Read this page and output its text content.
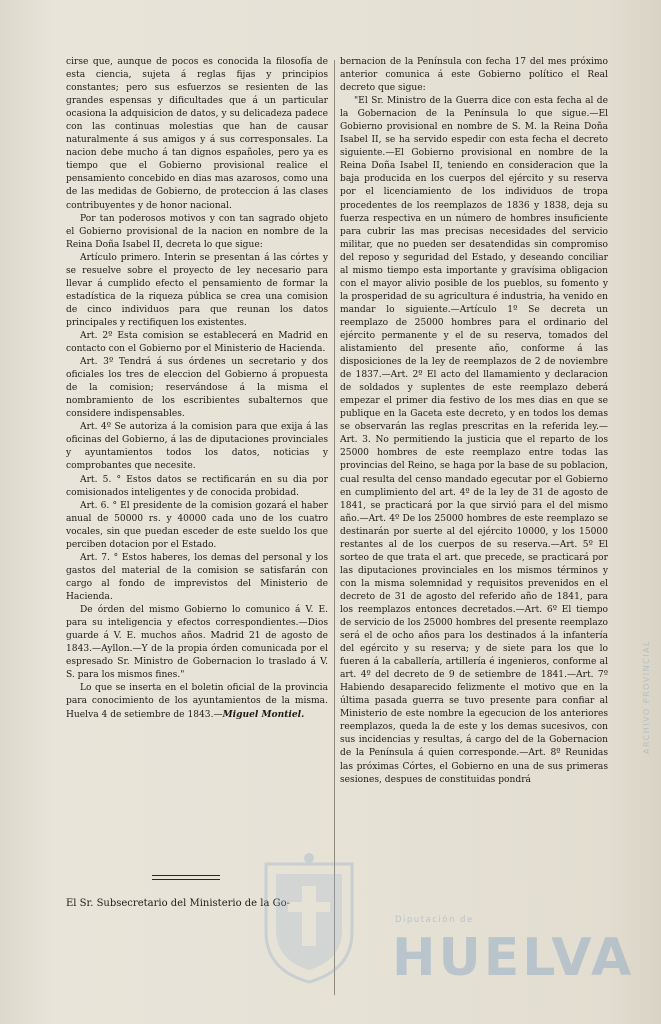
cirse que, aunque de pocos es conocida la filosofía de esta ciencia, sujeta á reglas fijas y principios constantes; pero sus esfuerzos se resienten de las grandes espensas y dificultades que á un particular ocasiona la adquisicion de datos, y su delicadeza padece con las continuas molestias que han de causar naturalmente á sus amigos y á sus corresponsales. La nacion debe mucho á tan dignos españoles, pero ya es tiempo que el Gobierno provisional realice el pensamiento concebido en dias mas azarosos, como una de las medidas de Gobierno, de proteccion á las clases contribuyentes y de honor nacional.

Por tan poderosos motivos y con tan sagrado objeto el Gobierno provisional de la nacion en nombre de la Reina Doña Isabel II, decreta lo que sigue:

Artículo primero. Interin se presentan á las córtes y se resuelve sobre el proyecto de ley necesario para llevar á cumplido efecto el pensamiento de formar la estadística de la riqueza pública se crea una comision de cinco individuos para que reunan los datos principales y rectifiquen los existentes.

Art. 2º Esta comision se establecerá en Madrid en contacto con el Gobierno por el Ministerio de Hacienda.

Art. 3º Tendrá á sus órdenes un secretario y dos oficiales los tres de eleccion del Gobierno á propuesta de la comision; reservándose á la misma el nombramiento de los escribientes subalternos que considere indispensables.

Art. 4º Se autoriza á la comision para que exija á las oficinas del Gobierno, á las de diputaciones provinciales y ayuntamientos todos los datos, noticias y comprobantes que necesite.

Art. 5. ° Estos datos se rectificarán en su dia por comisionados inteligentes y de conocida probidad.

Art. 6. ° El presidente de la comision gozará el haber anual de 50000 rs. y 40000 cada uno de los cuatro vocales, sin que puedan esceder de este sueldo los que perciben dotacion por el Estado.

Art. 7. ° Estos haberes, los demas del personal y los gastos del material de la comision se satisfarán con cargo al fondo de imprevistos del Ministerio de Hacienda.

De órden del mismo Gobierno lo comunico á V. E. para su inteligencia y efectos correspondientes.—Dios guarde á V. E. muchos años. Madrid 21 de agosto de 1843.—Ayllon.—Y de la propia órden comunicada por el espresado Sr. Ministro de Gobernacion lo traslado á V. S. para los mismos fines."

Lo que se inserta en el boletin oficial de la provincia para conocimiento de los ayuntamientos de la misma. Huelva 4 de setiembre de 1843.—Miguel Montiel.

El Sr. Subsecretario del Ministerio de la Go-

bernacion de la Península con fecha 17 del mes próximo anterior comunica á este Gobierno político el Real decreto que sigue:

"El Sr. Ministro de la Guerra dice con esta fecha al de la Gobernacion de la Península lo que sigue.—El Gobierno provisional en nombre de S. M. la Reina Doña Isabel II, se ha servido espedir con esta fecha el decreto siguiente.—El Gobierno provisional en nombre de la Reina Doña Isabel II, teniendo en consideracion que la baja producida en los cuerpos del ejército y su reserva por el licenciamiento de los individuos de tropa procedentes de los reemplazos de 1836 y 1838, deja su fuerza respectiva en un número de hombres insuficiente para cubrir las mas precisas necesidades del servicio militar, que no pueden ser desatendidas sin compromiso del reposo y seguridad del Estado, y deseando conciliar al mismo tiempo esta importante y gravísima obligacion con el mayor alivio posible de los pueblos, su fomento y la prosperidad de su agricultura é industria, ha venido en mandar lo siguiente.—Artículo 1º Se decreta un reemplazo de 25000 hombres para el ordinario del ejército permanente y el de su reserva, tomados del alistamiento del presente año, conforme á las disposiciones de la ley de reemplazos de 2 de noviembre de 1837.—Art. 2º El acto del llamamiento y declaracion de soldados y suplentes de este reemplazo deberá empezar el primer dia festivo de los mes dias en que se publique en la Gaceta este decreto, y en todos los demas se observarán las reglas prescritas en la referida ley.—Art. 3. No permitiendo la justicia que el reparto de los 25000 hombres de este reemplazo entre todas las provincias del Reino, se haga por la base de su poblacion, cual resulta del censo mandado egecutar por el Gobierno en cumplimiento del art. 4º de la ley de 31 de agosto de 1841, se practicará por la que sirvió para el del mismo año.—Art. 4º De los 25000 hombres de este reemplazo se destinarán por suerte al del ejército 10000, y los 15000 restantes al de los cuerpos de su reserva.—Art. 5º El sorteo de que trata el art. que precede, se practicará por las diputaciones provinciales en los mismos términos y con la misma solemnidad y requisitos prevenidos en el decreto de 31 de agosto del referido año de 1841, para los reemplazos entonces decretados.—Art. 6º El tiempo de servicio de los 25000 hombres del presente reemplazo será el de ocho años para los destinados á la infantería del egército y su reserva; y de siete para los que lo fueren á la caballería, artillería é ingenieros, conforme al art. 4º del decreto de 9 de setiembre de 1841.—Art. 7º Habiendo desaparecido felizmente el motivo que en la última pasada guerra se tuvo presente para confiar al Ministerio de este nombre la egecucion de los anteriores reemplazos, queda la de este y los demas sucesivos, con sus incidencias y resultas, á cargo del de la Gobernacion de la Península á quien corresponde.—Art. 8º Reunidas las próximas Córtes, el Gobierno en una de sus primeras sesiones, despues de constituidas pondrá

Diputación de
HUELVA
ARCHIVO PROVINCIAL
